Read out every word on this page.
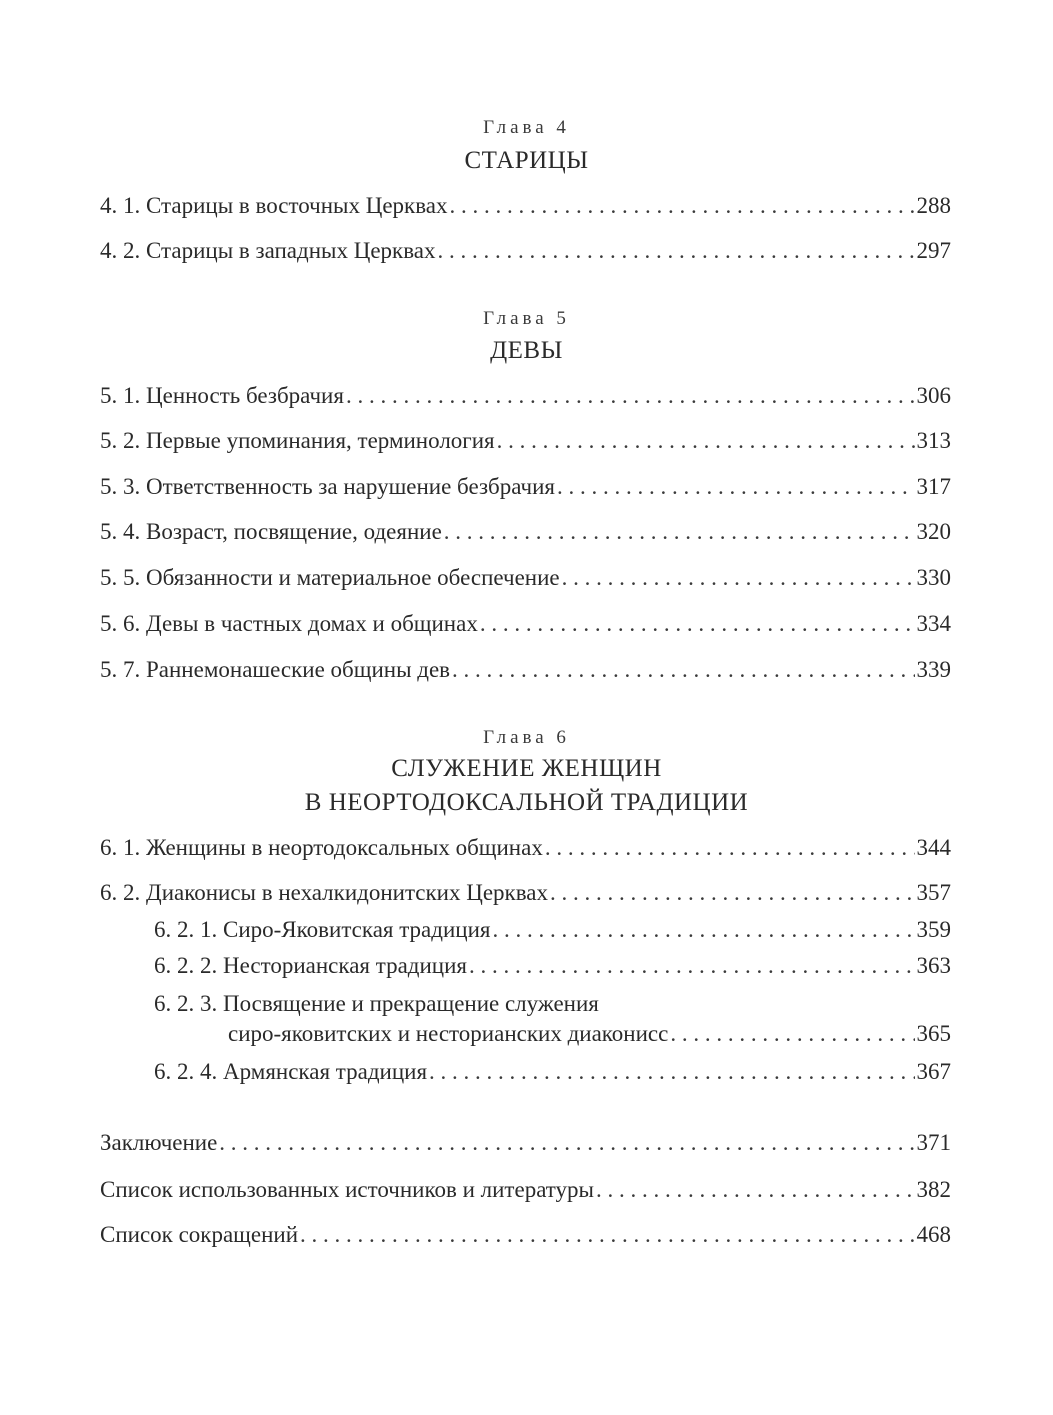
Глава 4
СТАРИЦЫ
4. 1. Старицы в восточных Церквах . . .	288
4. 2. Старицы в западных Церквах . . .	297
Глава 5
ДЕВЫ
5. 1. Ценность безбрачия . . .	306
5. 2. Первые упоминания, терминология . . .	313
5. 3. Ответственность за нарушение безбрачия . . .	317
5. 4. Возраст, посвящение, одеяние . . .	320
5. 5. Обязанности и материальное обеспечение . . .	330
5. 6. Девы в частных домах и общинах . . .	334
5. 7. Раннемонашеские общины дев . . .	339
Глава 6
СЛУЖЕНИЕ ЖЕНЩИН
В НЕОРТОДОКСАЛЬНОЙ ТРАДИЦИИ
6. 1. Женщины в неортодоксальных общинах . . .	344
6. 2. Диаконисы в нехалкидонитских Церквах . . .	357
6. 2. 1. Сиро-Яковитская традиция . . .	359
6. 2. 2. Несторианская традиция . . .	363
6. 2. 3. Посвящение и прекращение служения
сиро-яковитских и несторианских диаконисс . . .	365
6. 2. 4. Армянская традиция . . .	367
Заключение . . .	371
Список использованных источников и литературы . . .	382
Список сокращений . . .	468
